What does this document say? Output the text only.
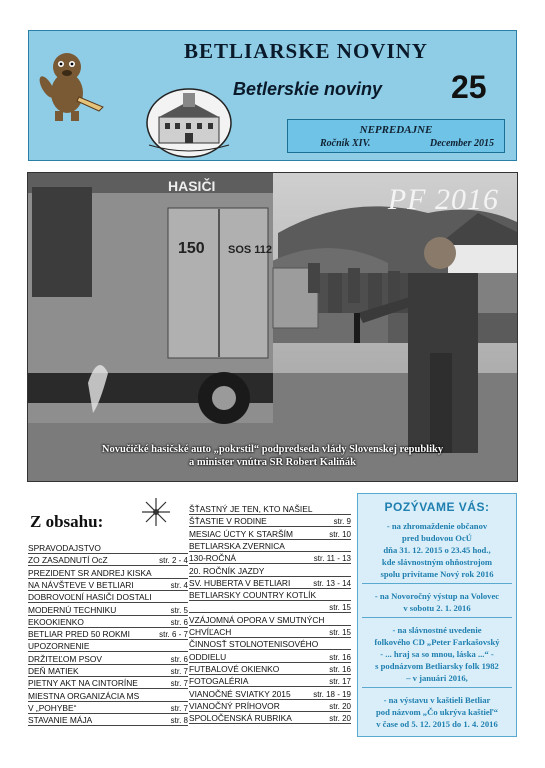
BETLIARSKE NOVINY
Betlerskie noviny 25
NEPREDAJNE
Ročník XIV.	December 2015
HASIČI
150 SOS 112
PF 2016
Novučičké hasičské auto „pokrstil“ podpredseda vlády Slovenskej republiky
a minister vnútra SR Robert Kaliňák
Z obsahu:
SPRAVODAJSTVO
ZO ZASADNUTÍ OcZ	str. 2 - 4
PREZIDENT SR ANDREJ KISKA
NA NÁVŠTEVE V BETLIARI	str. 4
DOBROVOĽNÍ HASIČI DOSTALI
MODERNÚ TECHNIKU	str. 5
EKOOKIENKO	str. 6
BETLIAR PRED 50 ROKMI	str. 6 - 7
UPOZORNENIE
DRŽITEĽOM PSOV	str. 6
DEŇ MATIEK	str. 7
PIETNY AKT NA CINTORÍNE	str. 7
MIESTNA ORGANIZÁCIA MS
V „POHYBE“	str. 7
STAVANIE MÁJA	str. 8
ŠŤASTNÝ JE TEN, KTO NAŠIEL
ŠŤASTIE V RODINE	str. 9
MESIAC ÚCTY K STARŠÍM	str. 10
BETLIARSKA ZVERNICA
130-ROČNÁ	str. 11 - 13
20. ROČNÍK JAZDY
SV. HUBERTA V BETLIARI	str. 13 - 14
BETLIARSKY COUNTRY KOTLÍK
str. 15
VZÁJOMNÁ OPORA V SMUTNÝCH
CHVÍĽACH	str. 15
ČINNOSŤ STOLNOTENISOVÉHO
ODDIELU	str. 16
FUTBALOVÉ OKIENKO	str. 16
FOTOGALÉRIA	str. 17
VIANOČNÉ SVIATKY 2015	str. 18 - 19
VIANOČNÝ PRÍHOVOR	str. 20
SPOLOČENSKÁ RUBRIKA	str. 20
POZÝVAME VÁS:
- na zhromaždenie občanov
pred budovou OcÚ
dňa 31. 12. 2015 o 23.45 hod.,
kde slávnostným ohňostrojom
spolu privítame Nový rok 2016
- na Novoročný výstup na Volovec
v sobotu 2. 1. 2016
- na slávnostné uvedenie
folkového CD „Peter Farkašovský
- ... hraj sa so mnou, láska ...“ -
s podnázvom Betliarsky folk 1982
– v januári 2016,
- na výstavu v kaštieli Betliar
pod názvom „Čo ukrýva kaštieľ“
v čase od 5. 12. 2015 do 1. 4. 2016
